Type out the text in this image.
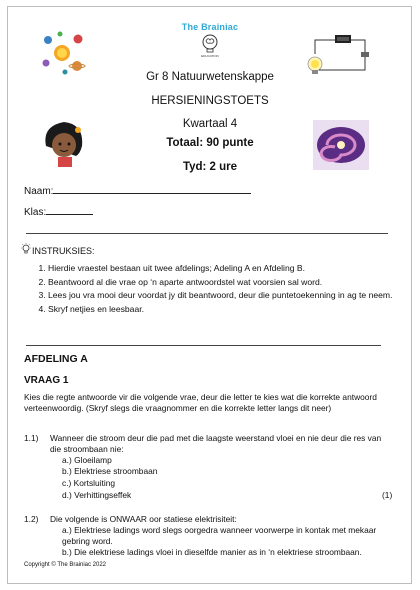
The Brainiac
EDUCATION
Gr 8 Natuurwetenskappe
HERSIENINGSTOETS
Kwartaal 4
Totaal: 90 punte
Tyd: 2 ure
Naam:
Klas:
INSTRUKSIES:
1. Hierdie vraestel bestaan uit twee afdelings; Adeling A en Afdeling B.
2. Beantwoord al die vrae op ‘n aparte antwoordstel wat voorsien sal word.
3. Lees jou vra mooi deur voordat jy dit beantwoord, deur die puntetoekenning in ag te neem.
4. Skryf netjies en leesbaar.
AFDELING A
VRAAG 1
Kies die regte antwoorde vir die volgende vrae, deur die letter te kies wat die korrekte antwoord verteenwoordig. (Skryf slegs die vraagnommer en die korrekte letter langs dit neer)
1.1) Wanneer die stroom deur die pad met die laagste weerstand vloei en nie deur die res van die stroombaan nie:
a.) Gloeilamp
b.) Elektriese stroombaan
c.) Kortsluiting
d.) Verhittingseffek	(1)
1.2) Die volgende is ONWAAR oor statiese elektrisiteit:
a.) Elektriese ladings word slegs oorgedra wanneer voorwerpe in kontak met mekaar gebring word.
b.) Die elektriese ladings vloei in dieselfde manier as in ‘n elektriese stroombaan.
Copyright © The Brainiac 2022
